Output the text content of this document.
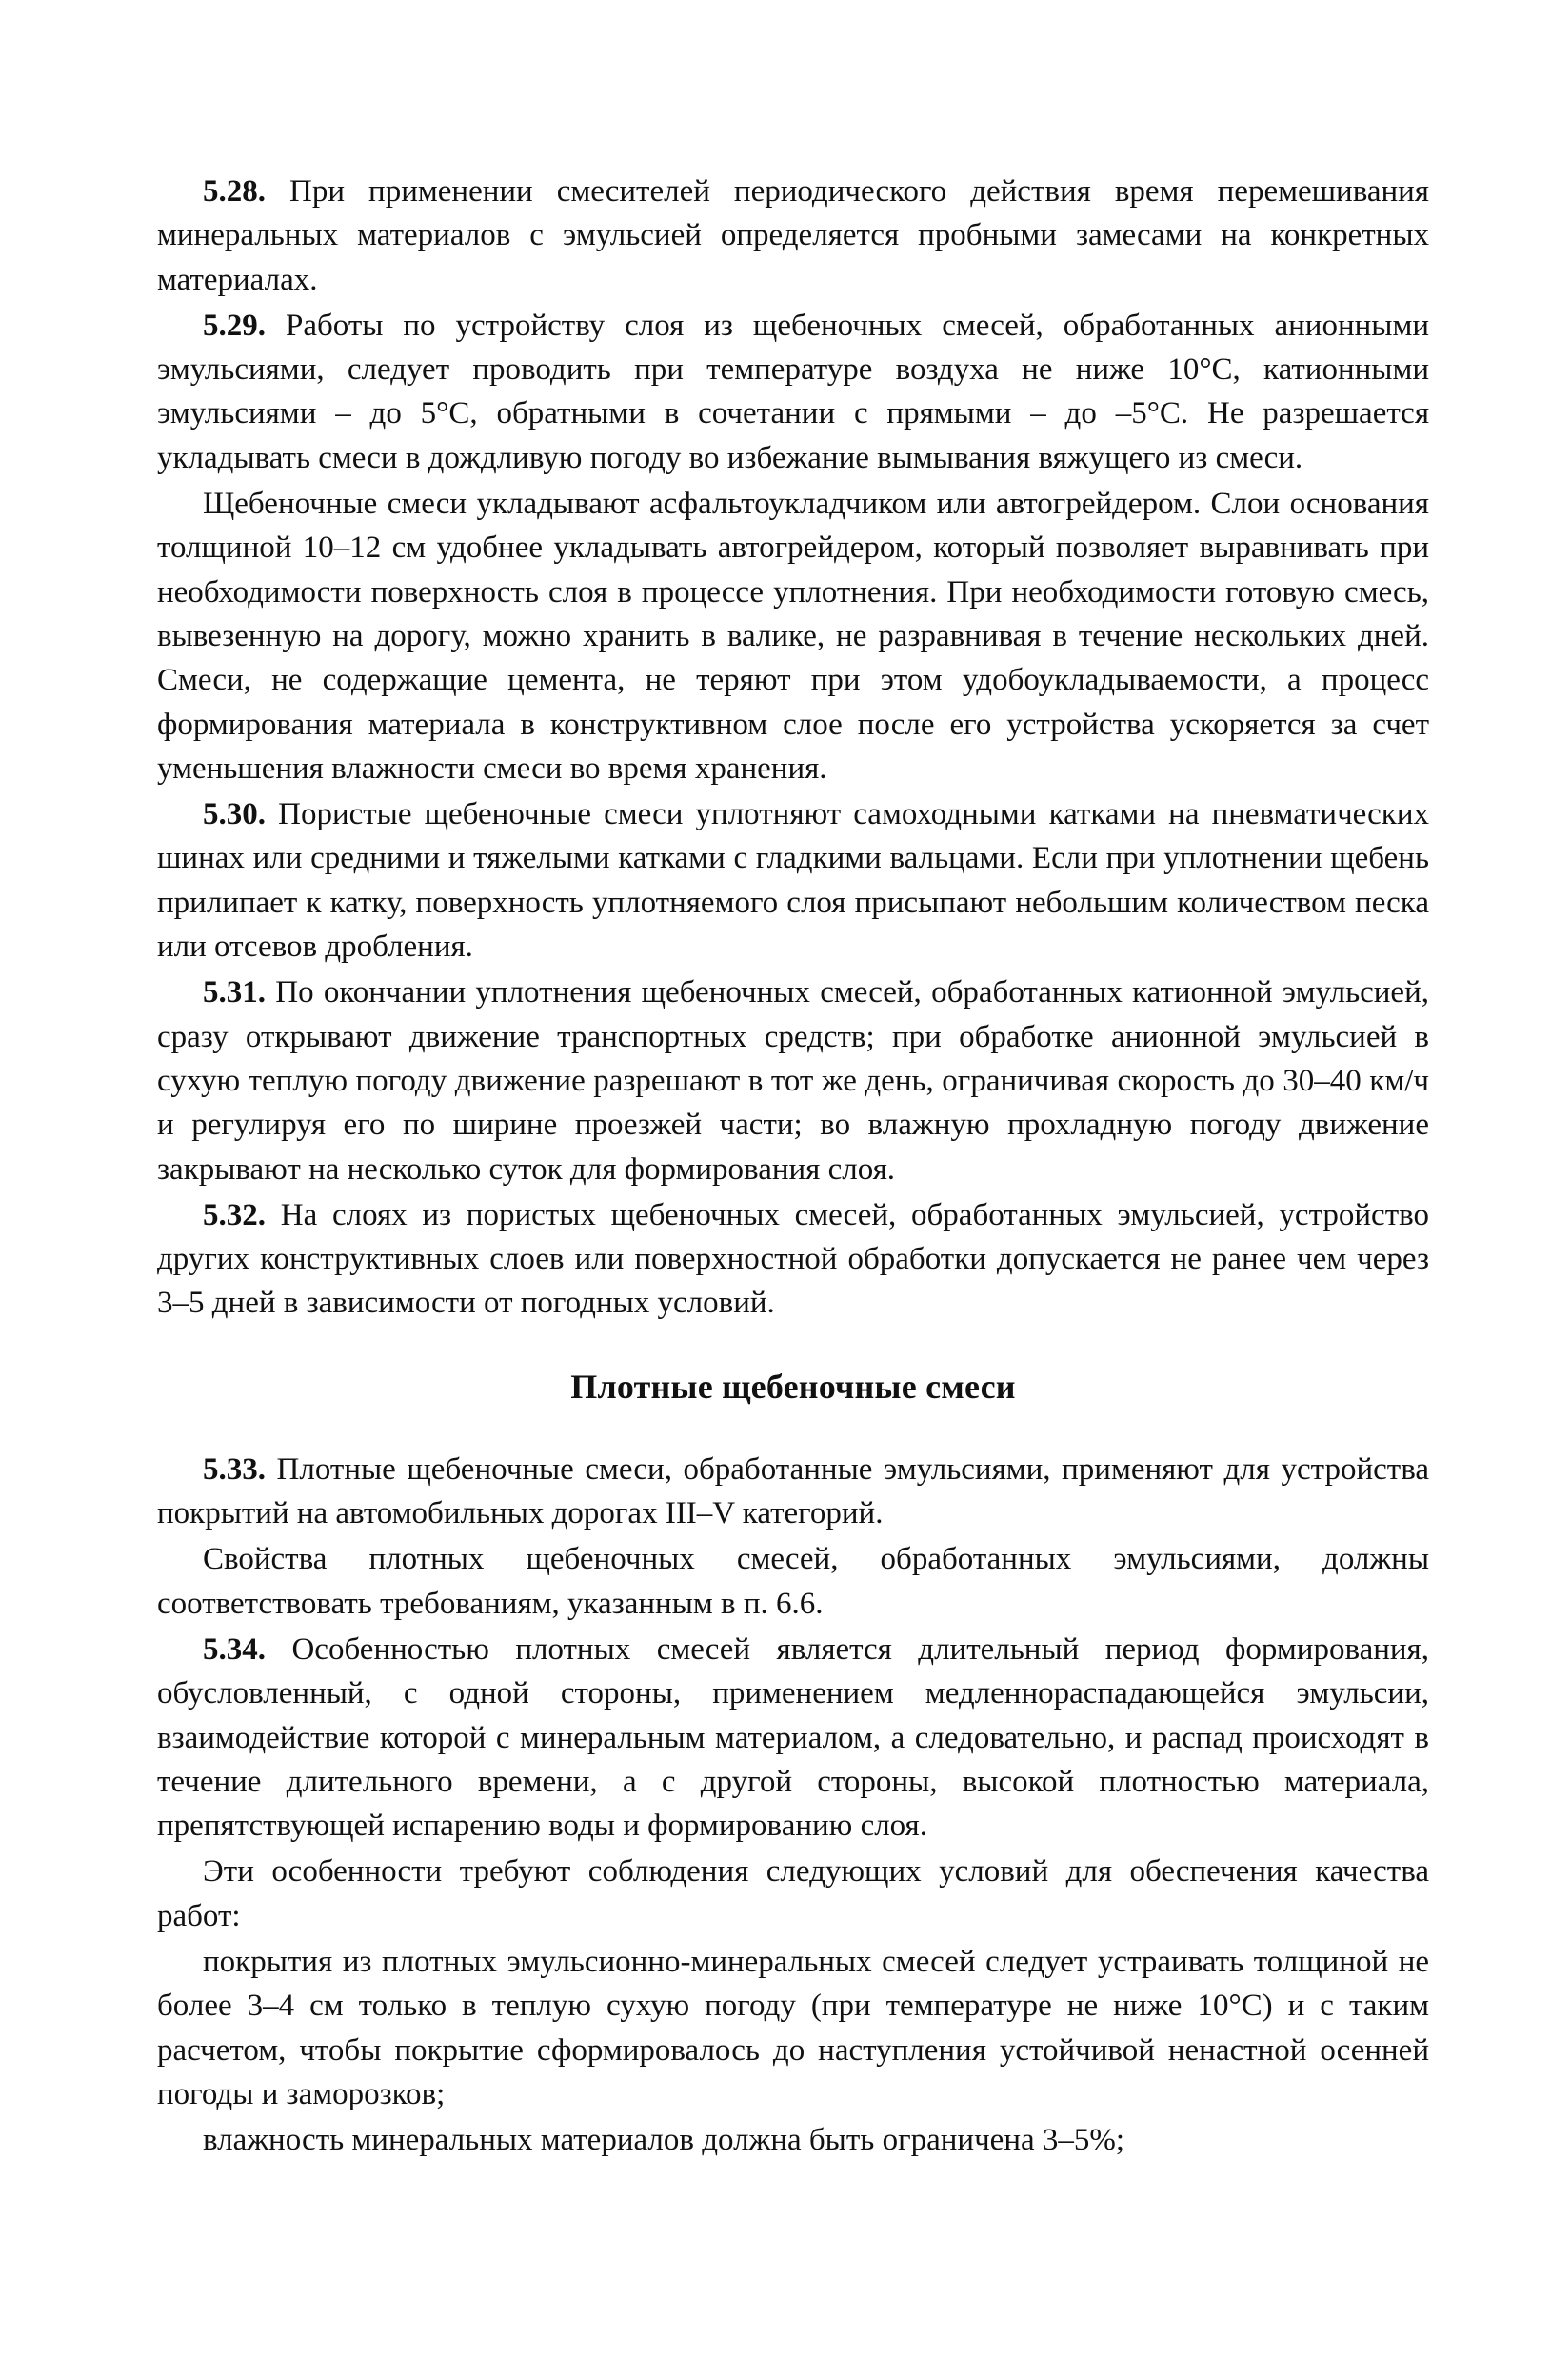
5.28. При применении смесителей периодического действия время перемешивания минеральных материалов с эмульсией определяется пробными замесами на конкретных материалах.

5.29. Работы по устройству слоя из щебеночных смесей, обработанных анионными эмульсиями, следует проводить при температуре воздуха не ниже 10°С, катионными эмульсиями – до 5°С, обратными в сочетании с прямыми – до –5°С. Не разрешается укладывать смеси в дождливую погоду во избежание вымывания вяжущего из смеси.

Щебеночные смеси укладывают асфальтоукладчиком или автогрейдером. Слои основания толщиной 10–12 см удобнее укладывать автогрейдером, который позволяет выравнивать при необходимости поверхность слоя в процессе уплотнения. При необходимости готовую смесь, вывезенную на дорогу, можно хранить в валике, не разравнивая в течение нескольких дней. Смеси, не содержащие цемента, не теряют при этом удобоукладываемости, а процесс формирования материала в конструктивном слое после его устройства ускоряется за счет уменьшения влажности смеси во время хранения.

5.30. Пористые щебеночные смеси уплотняют самоходными катками на пневматических шинах или средними и тяжелыми катками с гладкими вальцами. Если при уплотнении щебень прилипает к катку, поверхность уплотняемого слоя присыпают небольшим количеством песка или отсевов дробления.

5.31. По окончании уплотнения щебеночных смесей, обработанных катионной эмульсией, сразу открывают движение транспортных средств; при обработке анионной эмульсией в сухую теплую погоду движение разрешают в тот же день, ограничивая скорость до 30–40 км/ч и регулируя его по ширине проезжей части; во влажную прохладную погоду движение закрывают на несколько суток для формирования слоя.

5.32. На слоях из пористых щебеночных смесей, обработанных эмульсией, устройство других конструктивных слоев или поверхностной обработки допускается не ранее чем через 3–5 дней в зависимости от погодных условий.

Плотные щебеночные смеси

5.33. Плотные щебеночные смеси, обработанные эмульсиями, применяют для устройства покрытий на автомобильных дорогах III–V категорий.

Свойства плотных щебеночных смесей, обработанных эмульсиями, должны соответствовать требованиям, указанным в п. 6.6.

5.34. Особенностью плотных смесей является длительный период формирования, обусловленный, с одной стороны, применением медленнораспадающейся эмульсии, взаимодействие которой с минеральным материалом, а следовательно, и распад происходят в течение длительного времени, а с другой стороны, высокой плотностью материала, препятствующей испарению воды и формированию слоя.

Эти особенности требуют соблюдения следующих условий для обеспечения качества работ:

покрытия из плотных эмульсионно-минеральных смесей следует устраивать толщиной не более 3–4 см только в теплую сухую погоду (при температуре не ниже 10°С) и с таким расчетом, чтобы покрытие сформировалось до наступления устойчивой ненастной осенней погоды и заморозков;

влажность минеральных материалов должна быть ограничена 3–5%;
